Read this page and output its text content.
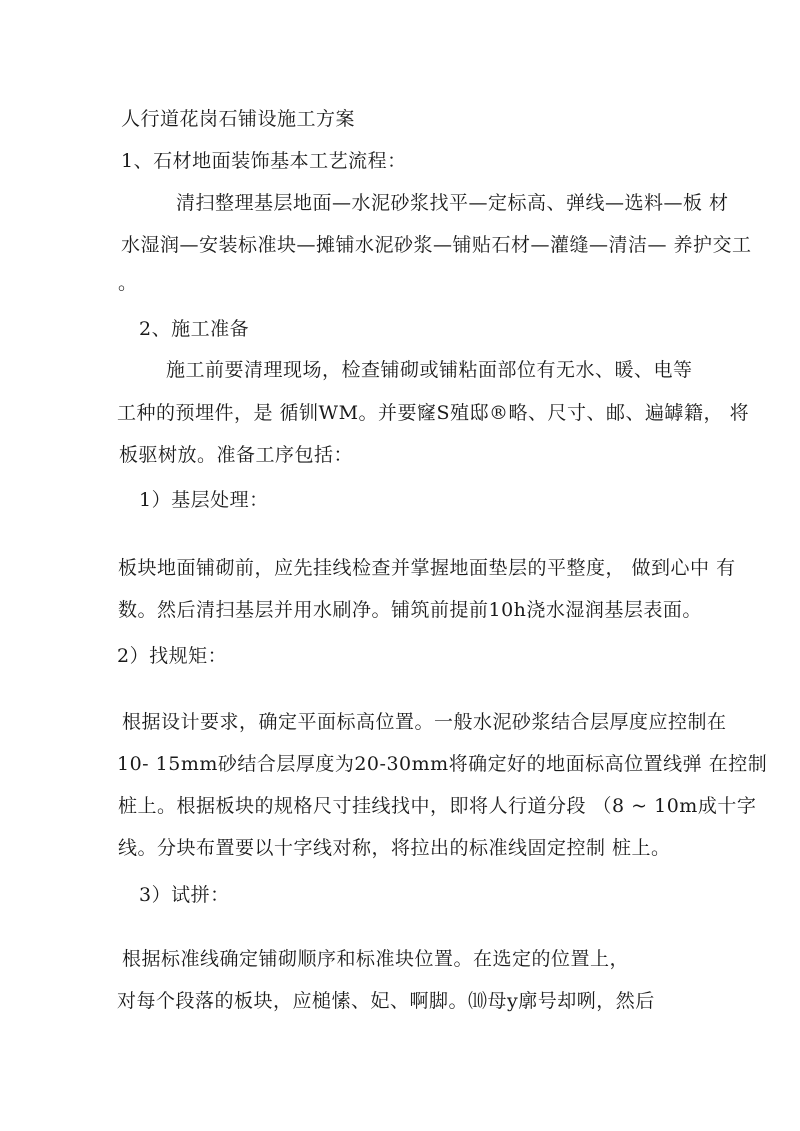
人行道花岗石铺设施工方案
1、石材地面装饰基本工艺流程：
清扫整理基层地面—水泥砂浆找平—定标高、弹线—选料—板 材
水湿润—安装标准块—摊铺水泥砂浆—铺贴石材—灌缝—清洁— 养护交工
。
2、施工准备
施工前要清理现场，检查铺砌或铺粘面部位有无水、暖、电等
工种的预埋件，是 循钏WM。并要窿S殖邸®略、尺寸、邮、遍罅籍， 将
板驱树放。准备工序包括：
1）基层处理：
板块地面铺砌前，应先挂线检查并掌握地面垫层的平整度， 做到心中 有
数。然后清扫基层并用水刷净。铺筑前提前10h浇水湿润基层表面。
2）找规矩：
根据设计要求，确定平面标高位置。一般水泥砂浆结合层厚度应控制在
10- 15mm砂结合层厚度为20-30mm将确定好的地面标高位置线弹 在控制
桩上。根据板块的规格尺寸挂线找中，即将人行道分段 （8 ~ 10m成十字
线。分块布置要以十字线对称，将拉出的标准线固定控制 桩上。
3）试拼：
根据标准线确定铺砌顺序和标准块位置。在选定的位置上，
对每个段落的板块，应槌愫、妃、啊脚。⑽母y廓号却咧，然后
